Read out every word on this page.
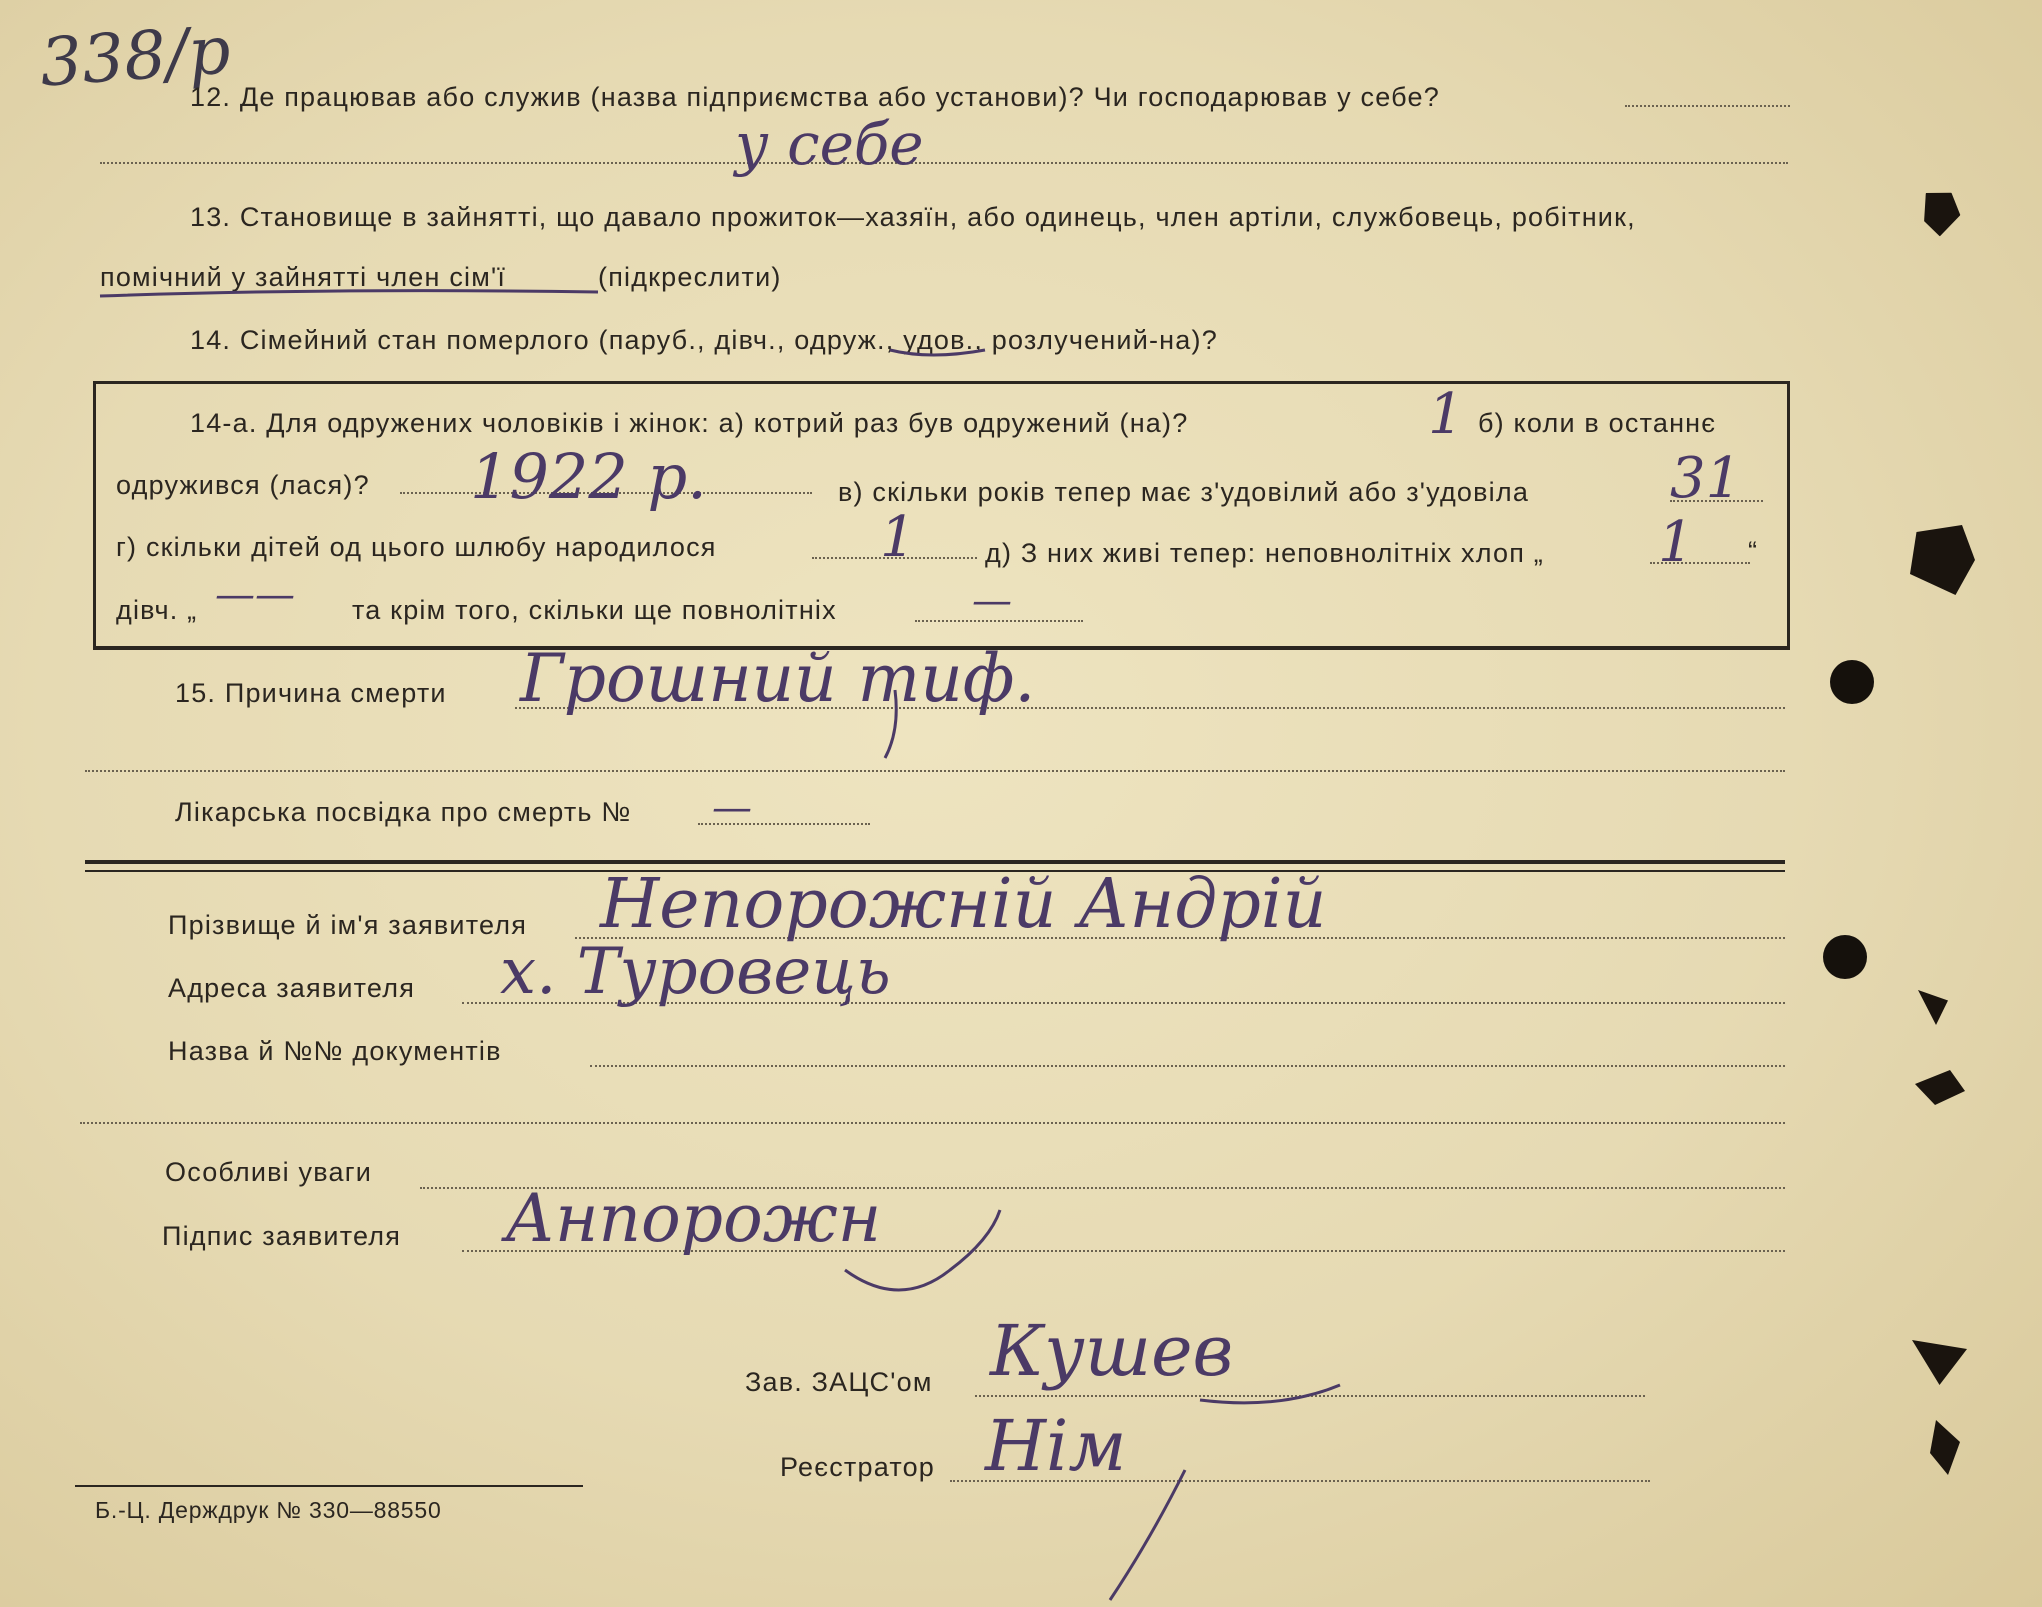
338/р
12. Де працював або служив (назва підприємства або установи)? Чи господарював у себе?
у себе
13. Становище в зайнятті, що давало прожиток—хазяїн, або одинець, член артіли, службовець, робітник,
помічний у зайнятті член сім'ї	(підкреслити)
14. Сімейний стан померлого (паруб., дівч., одруж., удов., розлучений-на)?
14-а. Для одружених чоловіків і жінок: а) котрий раз був одружений (на)?	1 б) коли в останнє
одружився (лася)? 1922 р.	в) скільки років тепер має з'удовілий або з'удовіла	31
г) скільки дітей од цього шлюбу народилося	1	д) З них живі тепер: неповнолітніх хлоп „ 1 “
дівч. „ —— та крім того, скільки ще повнолітніх	—
15. Причина смерти Грошний тиф.
Лікарська посвідка про смерть № —
Прізвище й ім'я заявителя Непорожній Андрій
Адреса заявителя х. Туровець
Назва й №№ документів
Особливі уваги
Підпис заявителя Анпорожн
Зав. ЗАЦС'ом Кушев
Реєстратор Нім
Б.-Ц. Держдрук № 330—88550
